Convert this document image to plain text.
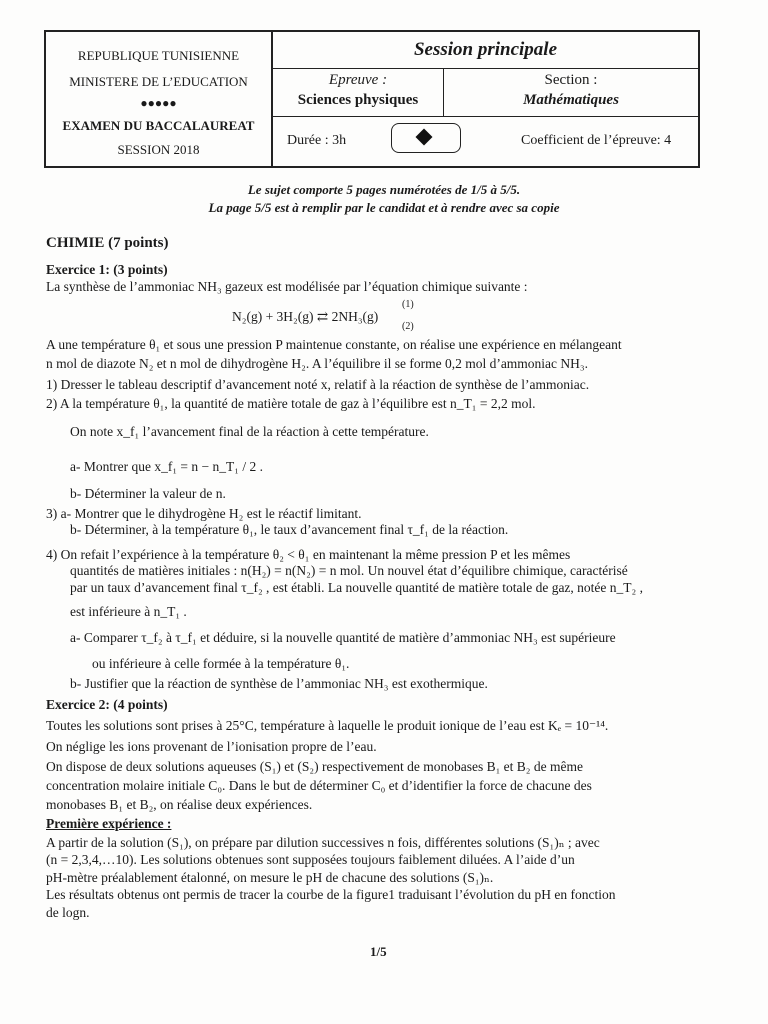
REPUBLIQUE TUNISIENNE
MINISTERE DE L’EDUCATION
●●●●●
EXAMEN DU BACCALAUREAT
SESSION 2018
Session principale
Epreuve :
Sciences physiques
Section :
Mathématiques
Durée : 3h	Coefficient de l’épreuve: 4
Le sujet comporte 5 pages numérotées de 1/5 à 5/5.
La page 5/5 est à remplir par le candidat et à rendre avec sa copie
CHIMIE (7 points)
Exercice 1: (3 points)
La synthèse de l’ammoniac NH₃ gazeux est modélisée par l’équation chimique suivante :
N₂(g) + 3H₂(g) ⇄ 2NH₃(g)
(1)
(2)
A une température θ₁ et sous une pression P maintenue constante, on réalise une expérience en mélangeant
n mol de diazote N₂ et n mol de dihydrogène H₂. A l’équilibre il se forme 0,2 mol d’ammoniac NH₃.
1) Dresser le tableau descriptif d’avancement noté x, relatif à la réaction de synthèse de l’ammoniac.
2) A la température θ₁, la quantité de matière totale de gaz à l’équilibre est n_T₁ = 2,2 mol.
On note x_f₁ l’avancement final de la réaction à cette température.
a- Montrer que x_f₁ = n − n_T₁ / 2 .
b- Déterminer la valeur de n.
3) a- Montrer que le dihydrogène H₂ est le réactif limitant.
b- Déterminer, à la température θ₁, le taux d’avancement final τ_f₁ de la réaction.
4) On refait l’expérience à la température θ₂ < θ₁ en maintenant la même pression P et les mêmes
quantités de matières initiales : n(H₂) = n(N₂) = n mol. Un nouvel état d’équilibre chimique, caractérisé
par un taux d’avancement final τ_f₂ , est établi. La nouvelle quantité de matière totale de gaz, notée n_T₂ ,
est inférieure à n_T₁ .
a- Comparer τ_f₂ à τ_f₁ et déduire, si la nouvelle quantité de matière d’ammoniac NH₃ est supérieure
ou inférieure à celle formée à la température θ₁.
b- Justifier que la réaction de synthèse de l’ammoniac NH₃ est exothermique.
Exercice 2: (4 points)
Toutes les solutions sont prises à 25°C, température à laquelle le produit ionique de l’eau est Kₑ = 10⁻¹⁴.
On néglige les ions provenant de l’ionisation propre de l’eau.
On dispose de deux solutions aqueuses (S₁) et (S₂) respectivement de monobases B₁ et B₂ de même
concentration molaire initiale C₀. Dans le but de déterminer C₀ et d’identifier la force de chacune des
monobases B₁ et B₂, on réalise deux expériences.
Première expérience :
A partir de la solution (S₁), on prépare par dilution successives n fois, différentes solutions (S₁)ₙ ; avec
(n = 2,3,4,…10). Les solutions obtenues sont supposées toujours faiblement diluées. A l’aide d’un
pH-mètre préalablement étalonné, on mesure le pH de chacune des solutions (S₁)ₙ.
Les résultats obtenus ont permis de tracer la courbe de la figure1 traduisant l’évolution du pH en fonction
de logn.
1/5
